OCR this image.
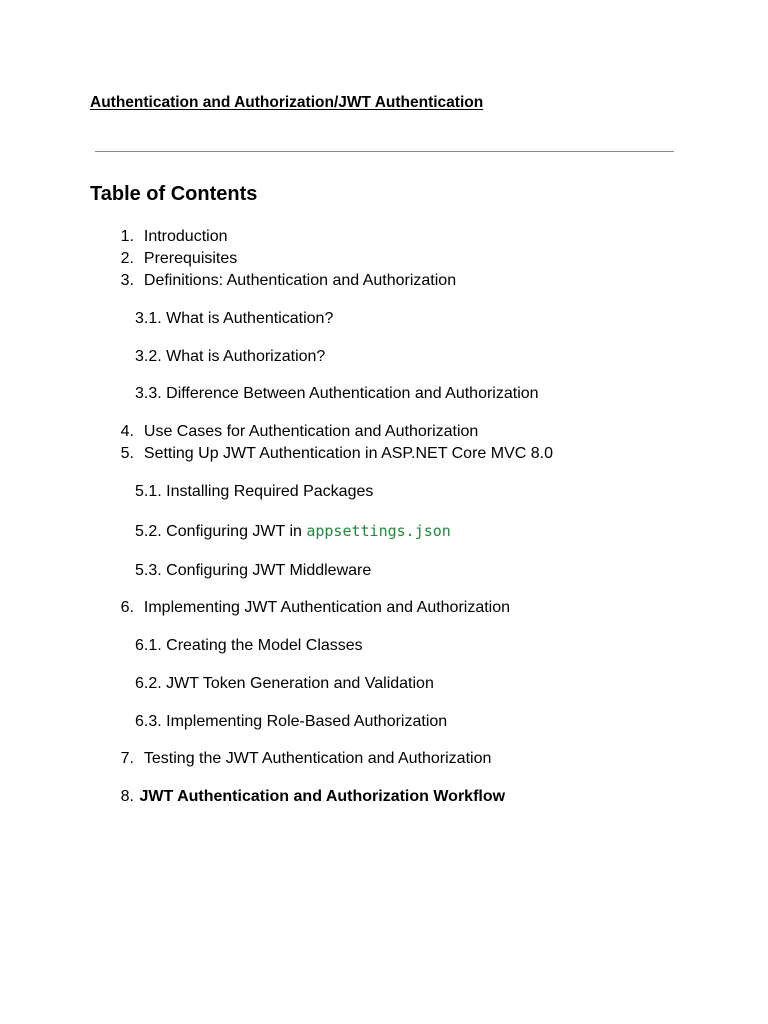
Authentication and Authorization/JWT Authentication
Table of Contents
1. Introduction
2. Prerequisites
3. Definitions: Authentication and Authorization
3.1. What is Authentication?
3.2. What is Authorization?
3.3. Difference Between Authentication and Authorization
4. Use Cases for Authentication and Authorization
5. Setting Up JWT Authentication in ASP.NET Core MVC 8.0
5.1. Installing Required Packages
5.2. Configuring JWT in appsettings.json
5.3. Configuring JWT Middleware
6. Implementing JWT Authentication and Authorization
6.1. Creating the Model Classes
6.2. JWT Token Generation and Validation
6.3. Implementing Role-Based Authorization
7. Testing the JWT Authentication and Authorization
8. JWT Authentication and Authorization Workflow
